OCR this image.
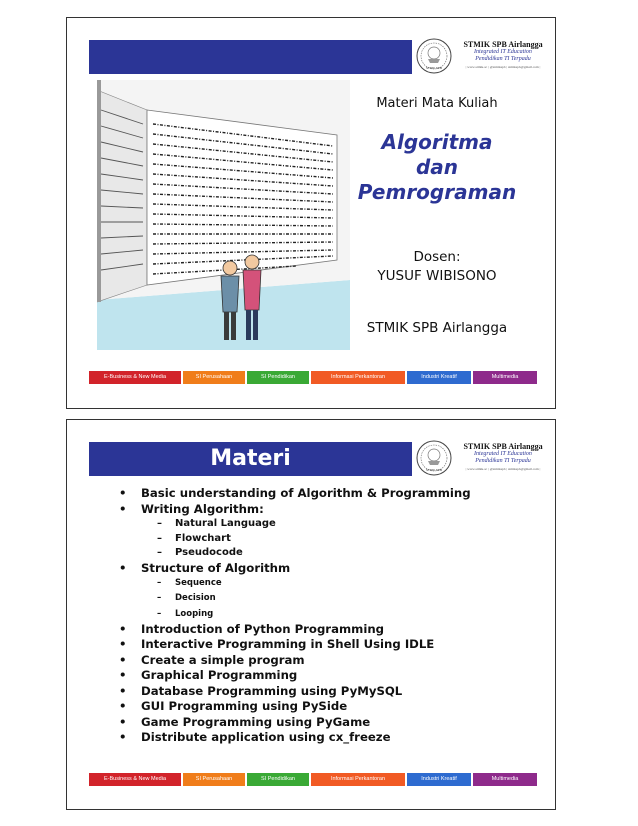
STMIK SPB
STMIK SPB Airlangga
Integrated IT Education
Pendidikan TI Terpadu
| www.stmik.ac | @stmikspb | stmikspb@gmail.com |
Materi Mata Kuliah
Algoritma
dan Pemrograman
Dosen:
YUSUF WIBISONO
STMIK SPB Airlangga
E-Business & New Media	SI Perusahaan	SI Pendidikan	Informasi Perkantoran	Industri Kreatif	Multimedia
Materi	STMIK SPB
STMIK SPB Airlangga
Integrated IT Education
Pendidikan TI Terpadu
| www.stmik.ac | @stmikspb | stmikspb@gmail.com |
• Basic understanding of Algorithm & Programming
• Writing Algorithm:
– Natural Language
– Flowchart
– Pseudocode
• Structure of Algorithm
– Sequence
– Decision
– Looping
• Introduction of Python Programming
• Interactive Programming in Shell Using IDLE
• Create a simple program
• Graphical Programming
• Database Programming using PyMySQL
• GUI Programming using PySide
• Game Programming using PyGame
• Distribute application using cx_freeze
E-Business & New Media	SI Perusahaan	SI Pendidikan	Informasi Perkantoran	Industri Kreatif	Multimedia
